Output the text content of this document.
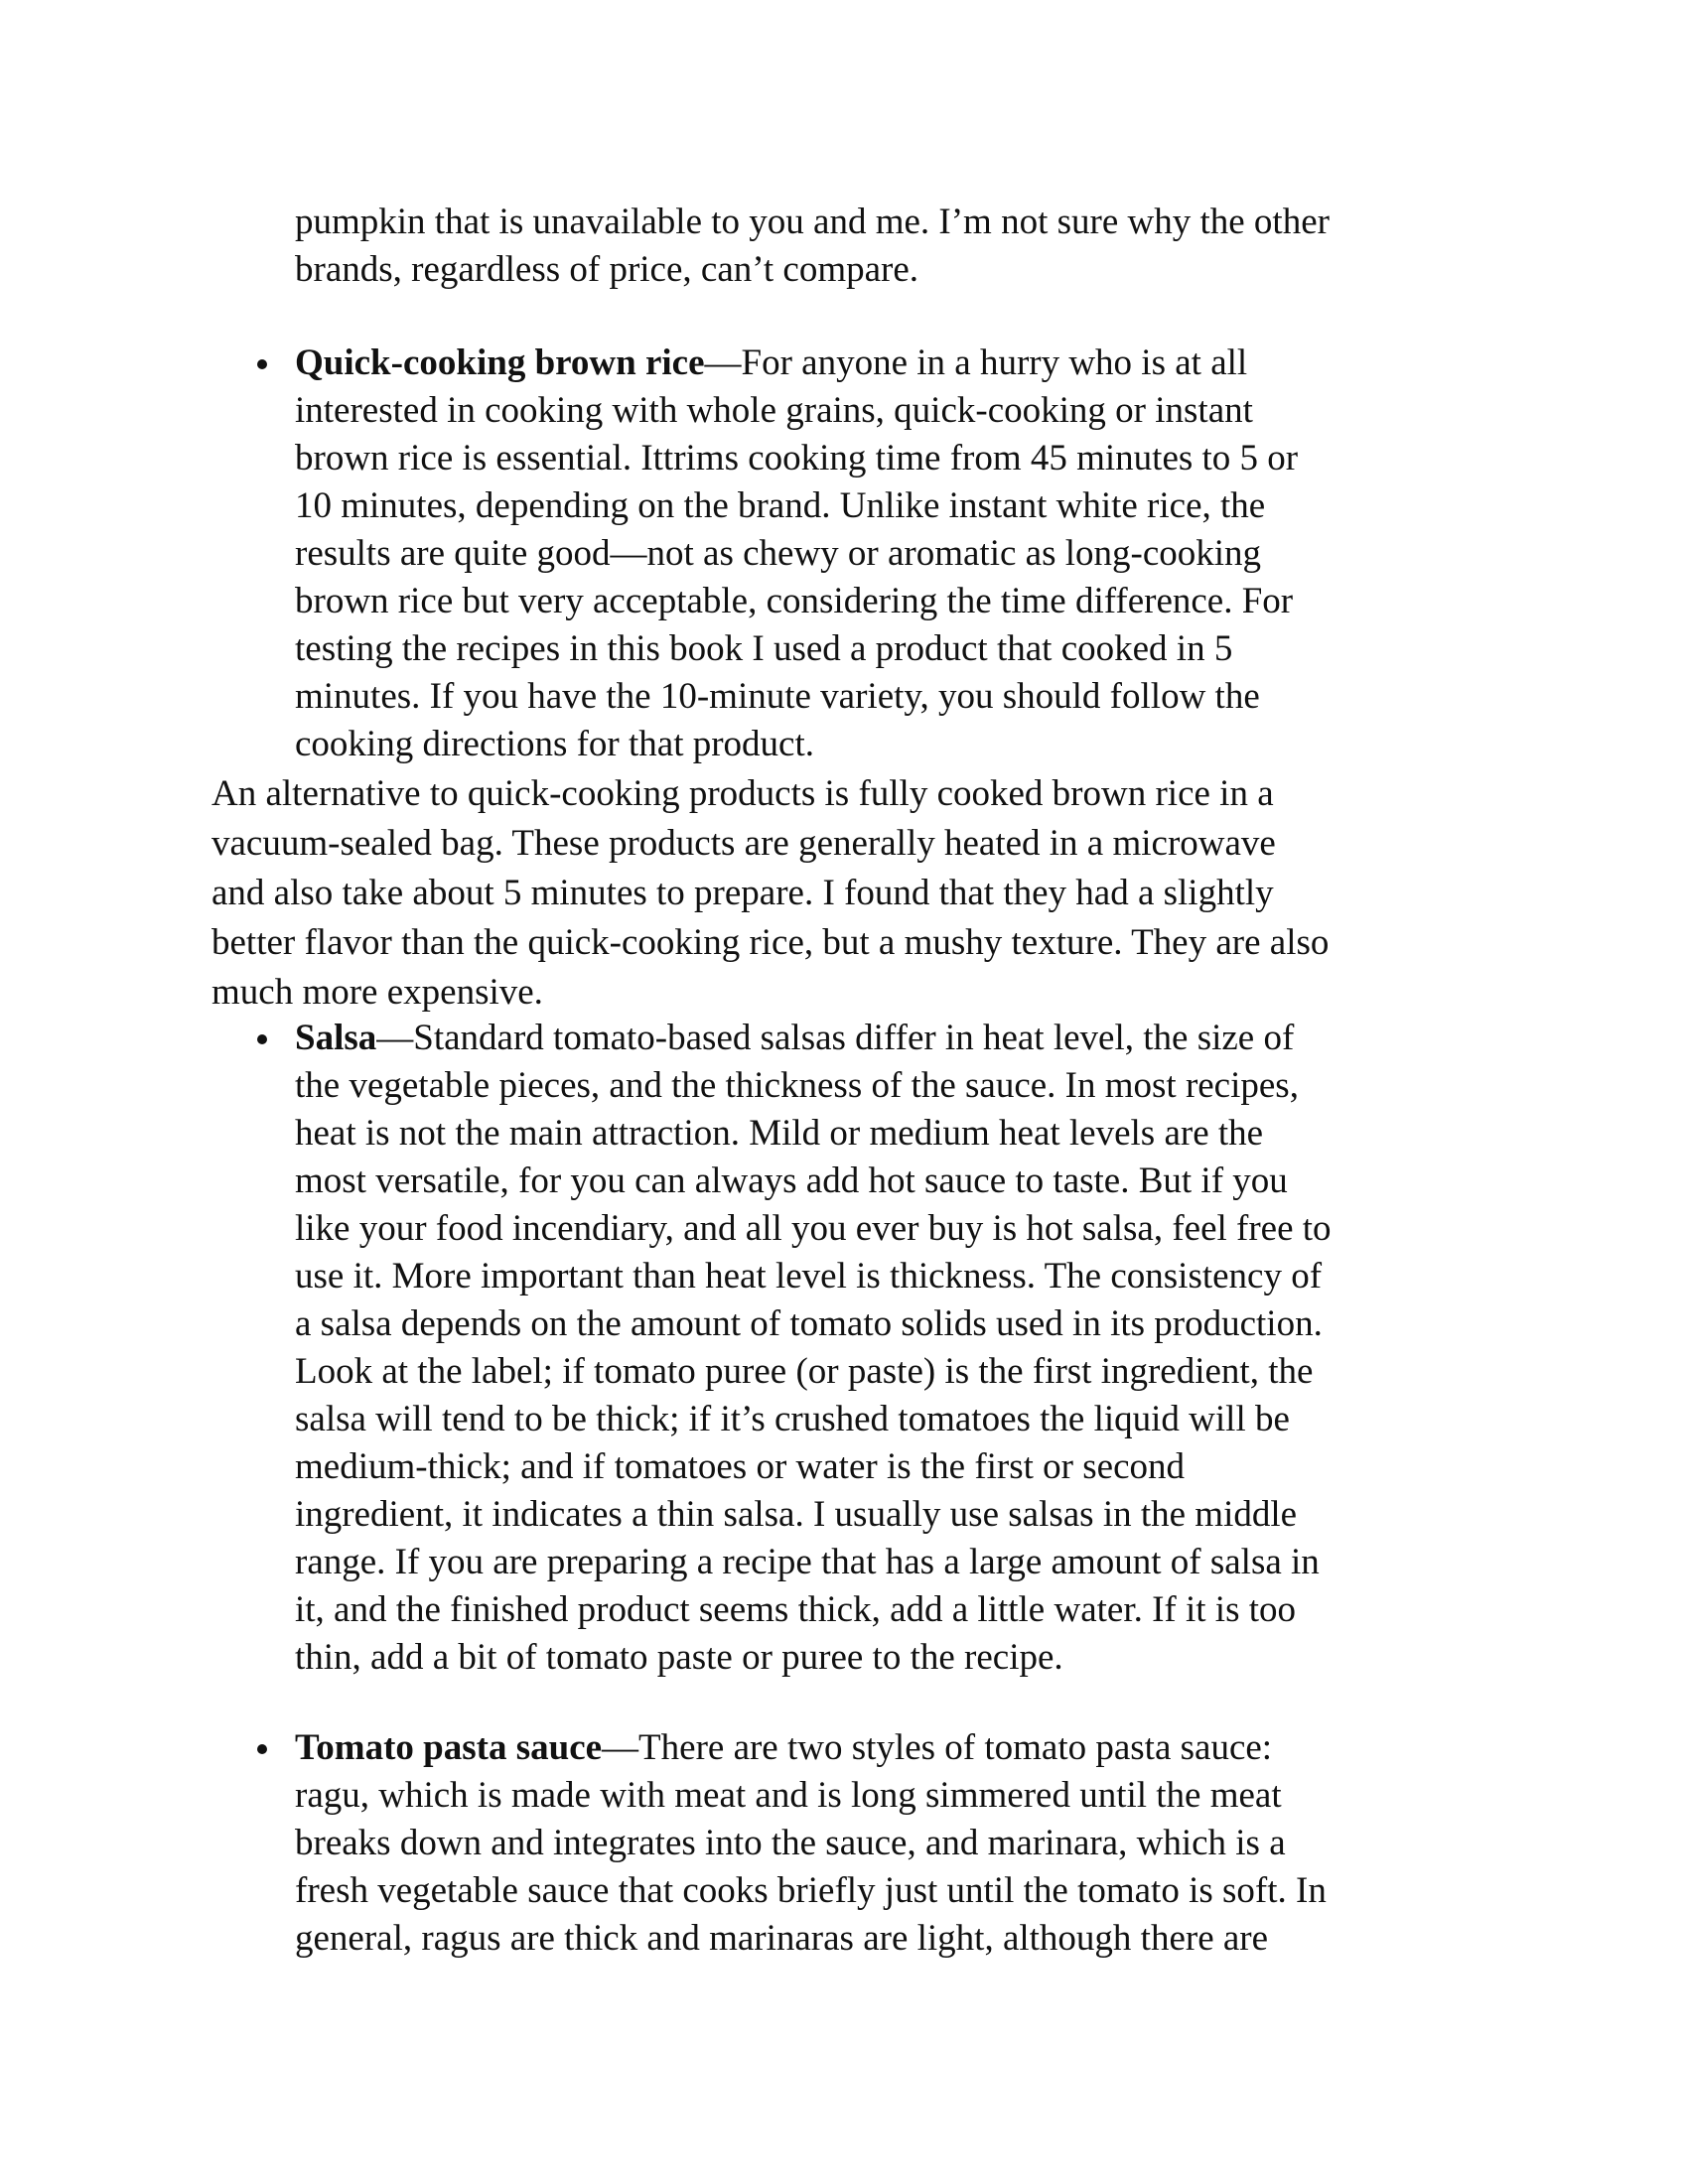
pumpkin that is unavailable to you and me. I’m not sure why the other
brands, regardless of price, can’t compare.
Quick-cooking brown rice—For anyone in a hurry who is at all
interested in cooking with whole grains, quick-cooking or instant
brown rice is essential. Ittrims cooking time from 45 minutes to 5 or
10 minutes, depending on the brand. Unlike instant white rice, the
results are quite good—not as chewy or aromatic as long-cooking
brown rice but very acceptable, considering the time difference. For
testing the recipes in this book I used a product that cooked in 5
minutes. If you have the 10-minute variety, you should follow the
cooking directions for that product.
An alternative to quick-cooking products is fully cooked brown rice in a
vacuum-sealed bag. These products are generally heated in a microwave
and also take about 5 minutes to prepare. I found that they had a slightly
better flavor than the quick-cooking rice, but a mushy texture. They are also
much more expensive.
Salsa—Standard tomato-based salsas differ in heat level, the size of
the vegetable pieces, and the thickness of the sauce. In most recipes,
heat is not the main attraction. Mild or medium heat levels are the
most versatile, for you can always add hot sauce to taste. But if you
like your food incendiary, and all you ever buy is hot salsa, feel free to
use it. More important than heat level is thickness. The consistency of
a salsa depends on the amount of tomato solids used in its production.
Look at the label; if tomato puree (or paste) is the first ingredient, the
salsa will tend to be thick; if it’s crushed tomatoes the liquid will be
medium-thick; and if tomatoes or water is the first or second
ingredient, it indicates a thin salsa. I usually use salsas in the middle
range. If you are preparing a recipe that has a large amount of salsa in
it, and the finished product seems thick, add a little water. If it is too
thin, add a bit of tomato paste or puree to the recipe.
Tomato pasta sauce—There are two styles of tomato pasta sauce:
ragu, which is made with meat and is long simmered until the meat
breaks down and integrates into the sauce, and marinara, which is a
fresh vegetable sauce that cooks briefly just until the tomato is soft. In
general, ragus are thick and marinaras are light, although there are
